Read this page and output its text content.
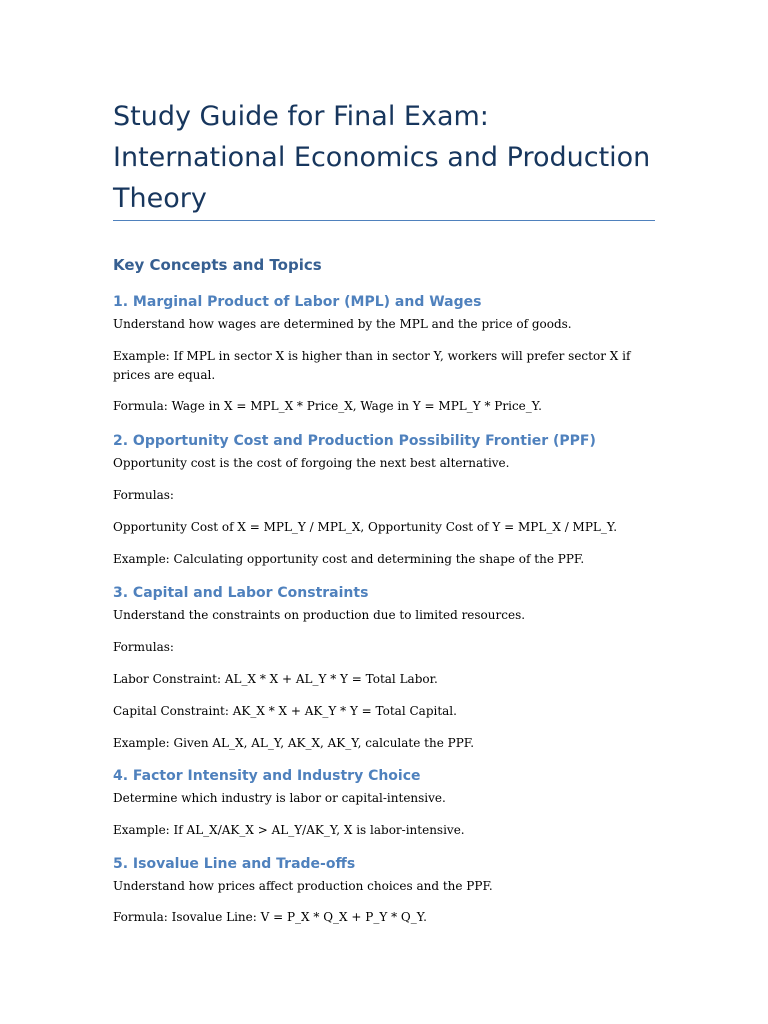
Study Guide for Final Exam: International Economics and Production Theory
Key Concepts and Topics
1. Marginal Product of Labor (MPL) and Wages

Understand how wages are determined by the MPL and the price of goods.

Example: If MPL in sector X is higher than in sector Y, workers will prefer sector X if prices are equal.

Formula: Wage in X = MPL_X * Price_X, Wage in Y = MPL_Y * Price_Y.

2. Opportunity Cost and Production Possibility Frontier (PPF)

Opportunity cost is the cost of forgoing the next best alternative.

Formulas:

Opportunity Cost of X = MPL_Y / MPL_X, Opportunity Cost of Y = MPL_X / MPL_Y.

Example: Calculating opportunity cost and determining the shape of the PPF.

3. Capital and Labor Constraints

Understand the constraints on production due to limited resources.

Formulas:

Labor Constraint: AL_X * X + AL_Y * Y = Total Labor.

Capital Constraint: AK_X * X + AK_Y * Y = Total Capital.

Example: Given AL_X, AL_Y, AK_X, AK_Y, calculate the PPF.

4. Factor Intensity and Industry Choice

Determine which industry is labor or capital-intensive.

Example: If AL_X/AK_X > AL_Y/AK_Y, X is labor-intensive.

5. Isovalue Line and Trade-offs

Understand how prices affect production choices and the PPF.

Formula: Isovalue Line: V = P_X * Q_X + P_Y * Q_Y.
